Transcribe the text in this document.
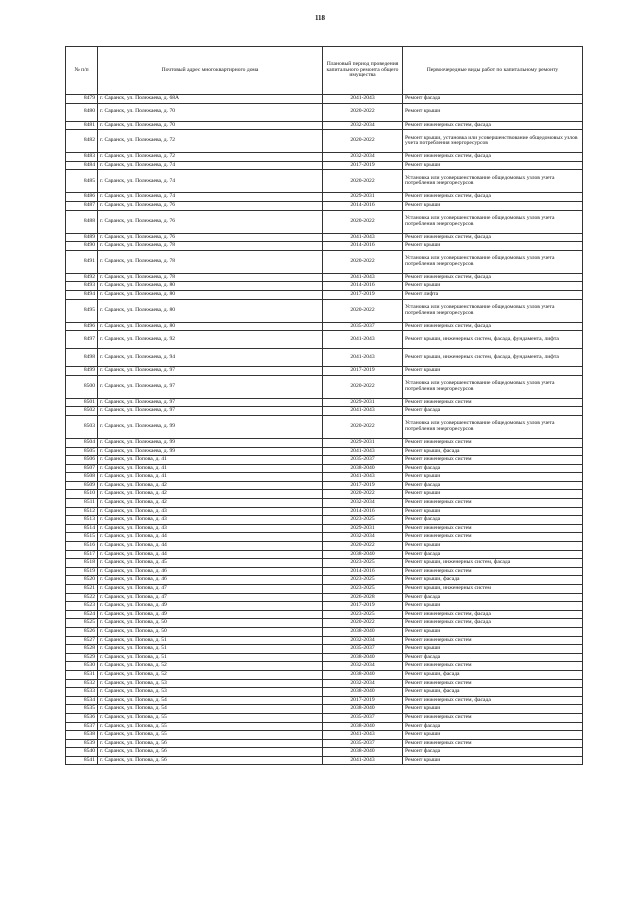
118
№ п/п	Почтовый адрес многоквартирного дома	Плановый период проведения капитального ремонта общего имущества	Первоочередные виды работ по капитальному ремонту
8479	г. Саранск, ул. Полежаева, д. 68А	2041-2043	Ремонт фасада
8480	г. Саранск, ул. Полежаева, д. 70	2020-2022	Ремонт крыши
8481	г. Саранск, ул. Полежаева, д. 70	2032-2034	Ремонт инженерных систем, фасада
8482	г. Саранск, ул. Полежаева, д. 72	2020-2022	Ремонт крыши, установка или усовершенствование общедомовых узлов учета потребления энергоресурсов
8483	г. Саранск, ул. Полежаева, д. 72	2032-2034	Ремонт инженерных систем, фасада
8484	г. Саранск, ул. Полежаева, д. 74	2017-2019	Ремонт крыши
8485	г. Саранск, ул. Полежаева, д. 74	2020-2022	Установка или усовершенствование общедомовых узлов учета потребления энергоресурсов
8486	г. Саранск, ул. Полежаева, д. 74	2029-2031	Ремонт инженерных систем, фасада
8487	г. Саранск, ул. Полежаева, д. 76	2014-2016	Ремонт крыши
8488	г. Саранск, ул. Полежаева, д. 76	2020-2022	Установка или усовершенствование общедомовых узлов учета потребления энергоресурсов
8489	г. Саранск, ул. Полежаева, д. 76	2041-2043	Ремонт инженерных систем, фасада
8490	г. Саранск, ул. Полежаева, д. 78	2014-2016	Ремонт крыши
8491	г. Саранск, ул. Полежаева, д. 78	2020-2022	Установка или усовершенствование общедомовых узлов учета потребления энергоресурсов
8492	г. Саранск, ул. Полежаева, д. 78	2041-2043	Ремонт инженерных систем, фасада
8493	г. Саранск, ул. Полежаева, д. 80	2014-2016	Ремонт крыши
8494	г. Саранск, ул. Полежаева, д. 80	2017-2019	Ремонт лифта
8495	г. Саранск, ул. Полежаева, д. 80	2020-2022	Установка или усовершенствование общедомовых узлов учета потребления энергоресурсов
8496	г. Саранск, ул. Полежаева, д. 80	2035-2037	Ремонт инженерных систем, фасада
8497	г. Саранск, ул. Полежаева, д. 92	2041-2043	Ремонт крыши, инженерных систем, фасада, фундамента, лифта
8498	г. Саранск, ул. Полежаева, д. 94	2041-2043	Ремонт крыши, инженерных систем, фасада, фундамента, лифта
8499	г. Саранск, ул. Полежаева, д. 97	2017-2019	Ремонт крыши
8500	г. Саранск, ул. Полежаева, д. 97	2020-2022	Установка или усовершенствование общедомовых узлов учета потребления энергоресурсов
8501	г. Саранск, ул. Полежаева, д. 97	2029-2031	Ремонт инженерных систем
8502	г. Саранск, ул. Полежаева, д. 97	2041-2043	Ремонт фасада
8503	г. Саранск, ул. Полежаева, д. 99	2020-2022	Установка или усовершенствование общедомовых узлов учета потребления энергоресурсов
8504	г. Саранск, ул. Полежаева, д. 99	2029-2031	Ремонт инженерных систем
8505	г. Саранск, ул. Полежаева, д. 99	2041-2043	Ремонт крыши, фасада
8506	г. Саранск, ул. Попова, д. 41	2035-2037	Ремонт инженерных систем
8507	г. Саранск, ул. Попова, д. 41	2038-2040	Ремонт фасада
8508	г. Саранск, ул. Попова, д. 41	2041-2043	Ремонт крыши
8509	г. Саранск, ул. Попова, д. 42	2017-2019	Ремонт фасада
8510	г. Саранск, ул. Попова, д. 42	2020-2022	Ремонт крыши
8511	г. Саранск, ул. Попова, д. 42	2032-2034	Ремонт инженерных систем
8512	г. Саранск, ул. Попова, д. 43	2014-2016	Ремонт крыши
8513	г. Саранск, ул. Попова, д. 43	2023-2025	Ремонт фасада
8514	г. Саранск, ул. Попова, д. 43	2029-2031	Ремонт инженерных систем
8515	г. Саранск, ул. Попова, д. 44	2032-2034	Ремонт инженерных систем
8516	г. Саранск, ул. Попова, д. 44	2020-2022	Ремонт крыши
8517	г. Саранск, ул. Попова, д. 44	2038-2040	Ремонт фасада
8518	г. Саранск, ул. Попова, д. 45	2023-2025	Ремонт крыши, инженерных систем, фасада
8519	г. Саранск, ул. Попова, д. 46	2014-2016	Ремонт инженерных систем
8520	г. Саранск, ул. Попова, д. 46	2023-2025	Ремонт крыши, фасада
8521	г. Саранск, ул. Попова, д. 47	2023-2025	Ремонт крыши, инженерных систем
8522	г. Саранск, ул. Попова, д. 47	2026-2028	Ремонт фасада
8523	г. Саранск, ул. Попова, д. 49	2017-2019	Ремонт крыши
8524	г. Саранск, ул. Попова, д. 49	2023-2025	Ремонт инженерных систем, фасада
8525	г. Саранск, ул. Попова, д. 50	2020-2022	Ремонт инженерных систем, фасада
8526	г. Саранск, ул. Попова, д. 50	2038-2040	Ремонт крыши
8527	г. Саранск, ул. Попова, д. 51	2032-2034	Ремонт инженерных систем
8528	г. Саранск, ул. Попова, д. 51	2035-2037	Ремонт крыши
8529	г. Саранск, ул. Попова, д. 51	2038-2040	Ремонт фасада
8530	г. Саранск, ул. Попова, д. 52	2032-2034	Ремонт инженерных систем
8531	г. Саранск, ул. Попова, д. 52	2038-2040	Ремонт крыши, фасада
8532	г. Саранск, ул. Попова, д. 53	2032-2034	Ремонт инженерных систем
8533	г. Саранск, ул. Попова, д. 53	2038-2040	Ремонт крыши, фасада
8534	г. Саранск, ул. Попова, д. 54	2017-2019	Ремонт инженерных систем, фасада
8535	г. Саранск, ул. Попова, д. 54	2038-2040	Ремонт крыши
8536	г. Саранск, ул. Попова, д. 55	2035-2037	Ремонт инженерных систем
8537	г. Саранск, ул. Попова, д. 55	2038-2040	Ремонт фасада
8538	г. Саранск, ул. Попова, д. 55	2041-2043	Ремонт крыши
8539	г. Саранск, ул. Попова, д. 56	2035-2037	Ремонт инженерных систем
8540	г. Саранск, ул. Попова, д. 56	2038-2040	Ремонт фасада
8541	г. Саранск, ул. Попова, д. 56	2041-2043	Ремонт крыши
